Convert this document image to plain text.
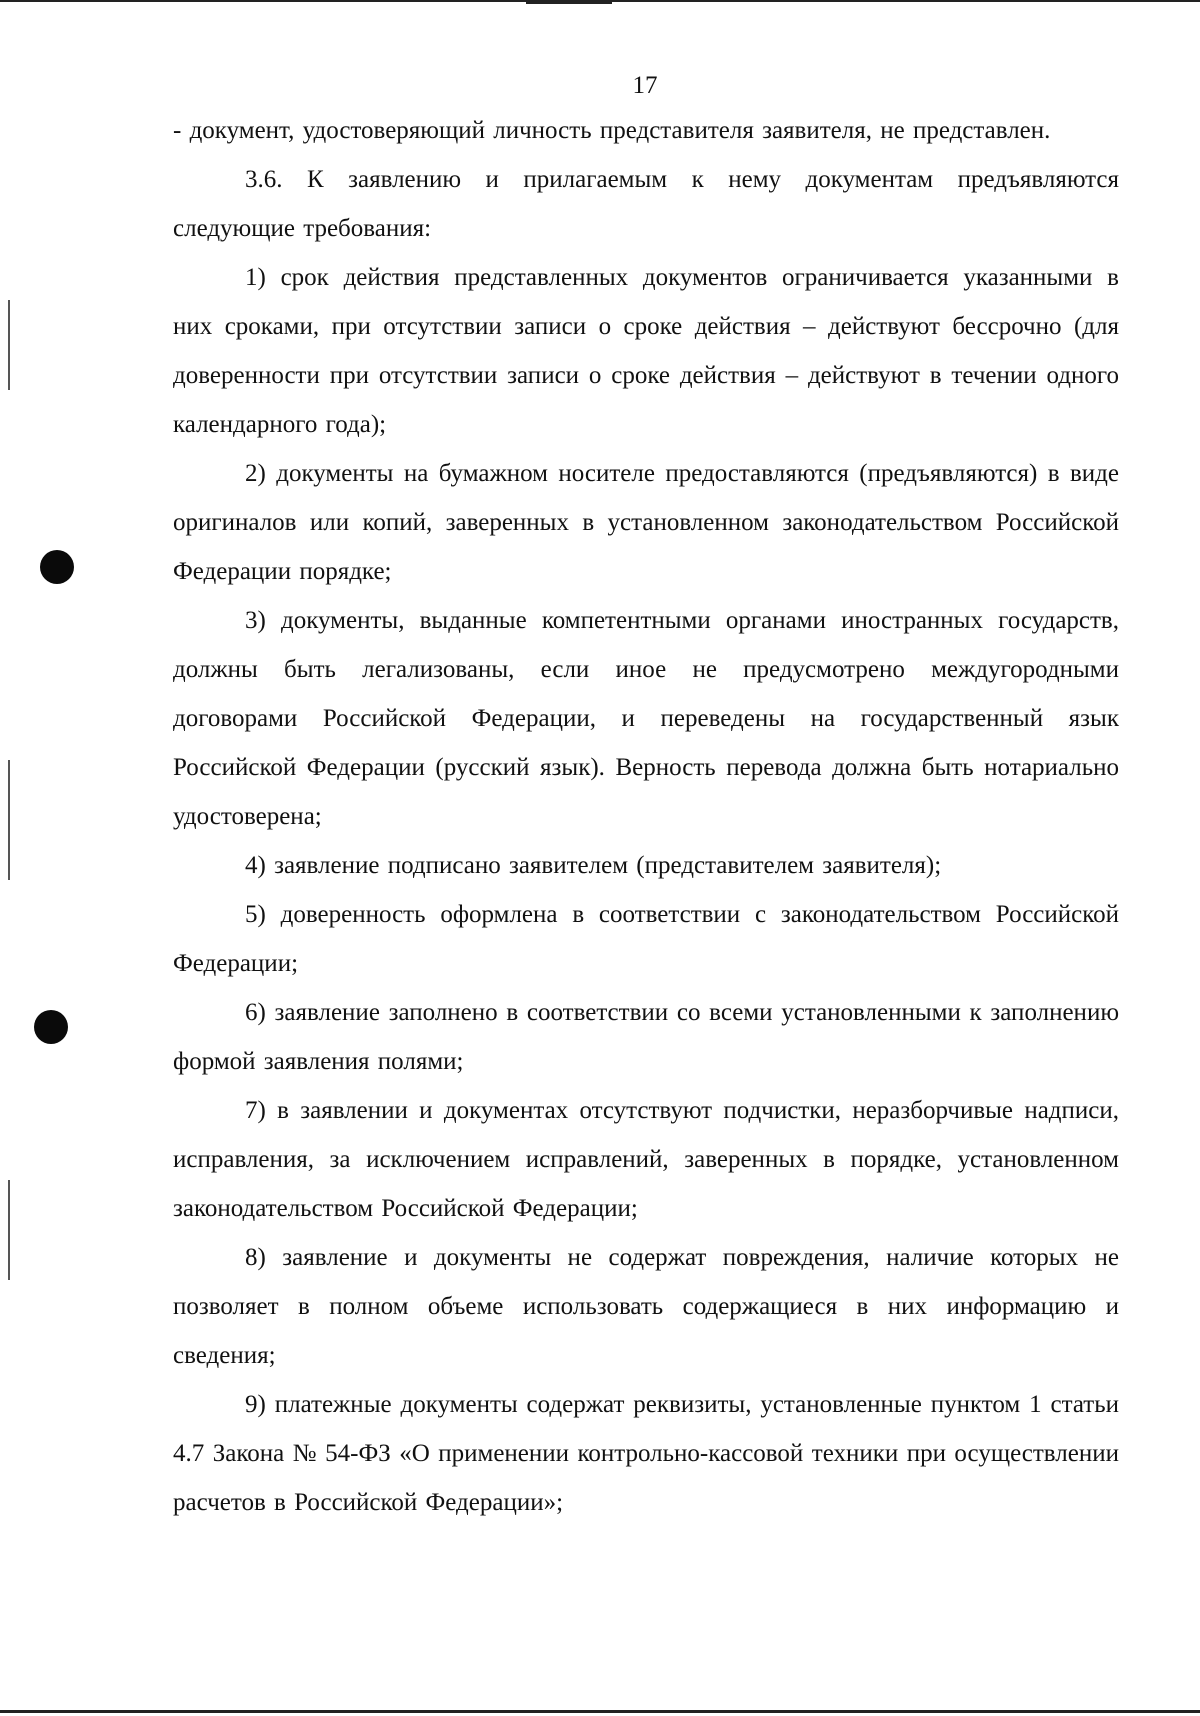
17

- документ, удостоверяющий личность представителя заявителя, не представлен.

3.6. К заявлению и прилагаемым к нему документам предъявляются следующие требования:

1) срок действия представленных документов ограничивается указанными в них сроками, при отсутствии записи о сроке действия – действуют бессрочно (для доверенности при отсутствии записи о сроке действия – действуют в течении одного календарного года);

2) документы на бумажном носителе предоставляются (предъявляются) в виде оригиналов или копий, заверенных в установленном законодательством Российской Федерации порядке;

3) документы, выданные компетентными органами иностранных государств, должны быть легализованы, если иное не предусмотрено междугородными договорами Российской Федерации, и переведены на государственный язык Российской Федерации (русский язык). Верность перевода должна быть нотариально удостоверена;

4) заявление подписано заявителем (представителем заявителя);

5) доверенность оформлена в соответствии с законодательством Российской Федерации;

6) заявление заполнено в соответствии со всеми установленными к заполнению формой заявления полями;

7) в заявлении и документах отсутствуют подчистки, неразборчивые надписи, исправления, за исключением исправлений, заверенных в порядке, установленном законодательством Российской Федерации;

8) заявление и документы не содержат повреждения, наличие которых не позволяет в полном объеме использовать содержащиеся в них информацию и сведения;

9) платежные документы содержат реквизиты, установленные пунктом 1 статьи 4.7 Закона № 54-ФЗ «О применении контрольно-кассовой техники при осуществлении расчетов в Российской Федерации»;
